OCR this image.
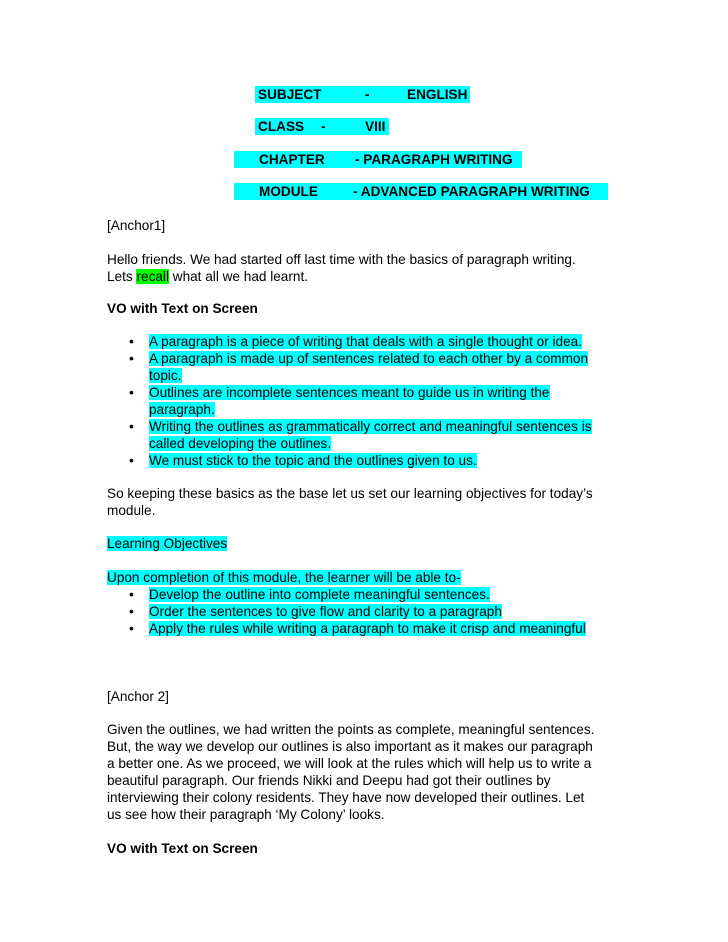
SUBJECT	-	ENGLISH
CLASS -	VIII
CHAPTER - PARAGRAPH WRITING
MODULE	- ADVANCED PARAGRAPH WRITING

[Anchor1]

Hello friends. We had started off last time with the basics of paragraph writing.

Lets recall what all we had learnt.

VO with Text on Screen

• A paragraph is a piece of writing that deals with a single thought or idea.
• A paragraph is made up of sentences related to each other by a common
topic.
• Outlines are incomplete sentences meant to guide us in writing the
paragraph.
• Writing the outlines as grammatically correct and meaningful sentences is
called developing the outlines.
• We must stick to the topic and the outlines given to us.

So keeping these basics as the base let us set our learning objectives for today’s

module.

Learning Objectives

Upon completion of this module, the learner will be able to-

• Develop the outline into complete meaningful sentences.
• Order the sentences to give flow and clarity to a paragraph
• Apply the rules while writing a paragraph to make it crisp and meaningful

[Anchor 2]

Given the outlines, we had written the points as complete, meaningful sentences.

But, the way we develop our outlines is also important as it makes our paragraph

a better one. As we proceed, we will look at the rules which will help us to write a

beautiful paragraph. Our friends Nikki and Deepu had got their outlines by

interviewing their colony residents. They have now developed their outlines. Let

us see how their paragraph ‘My Colony’ looks.

VO with Text on Screen
